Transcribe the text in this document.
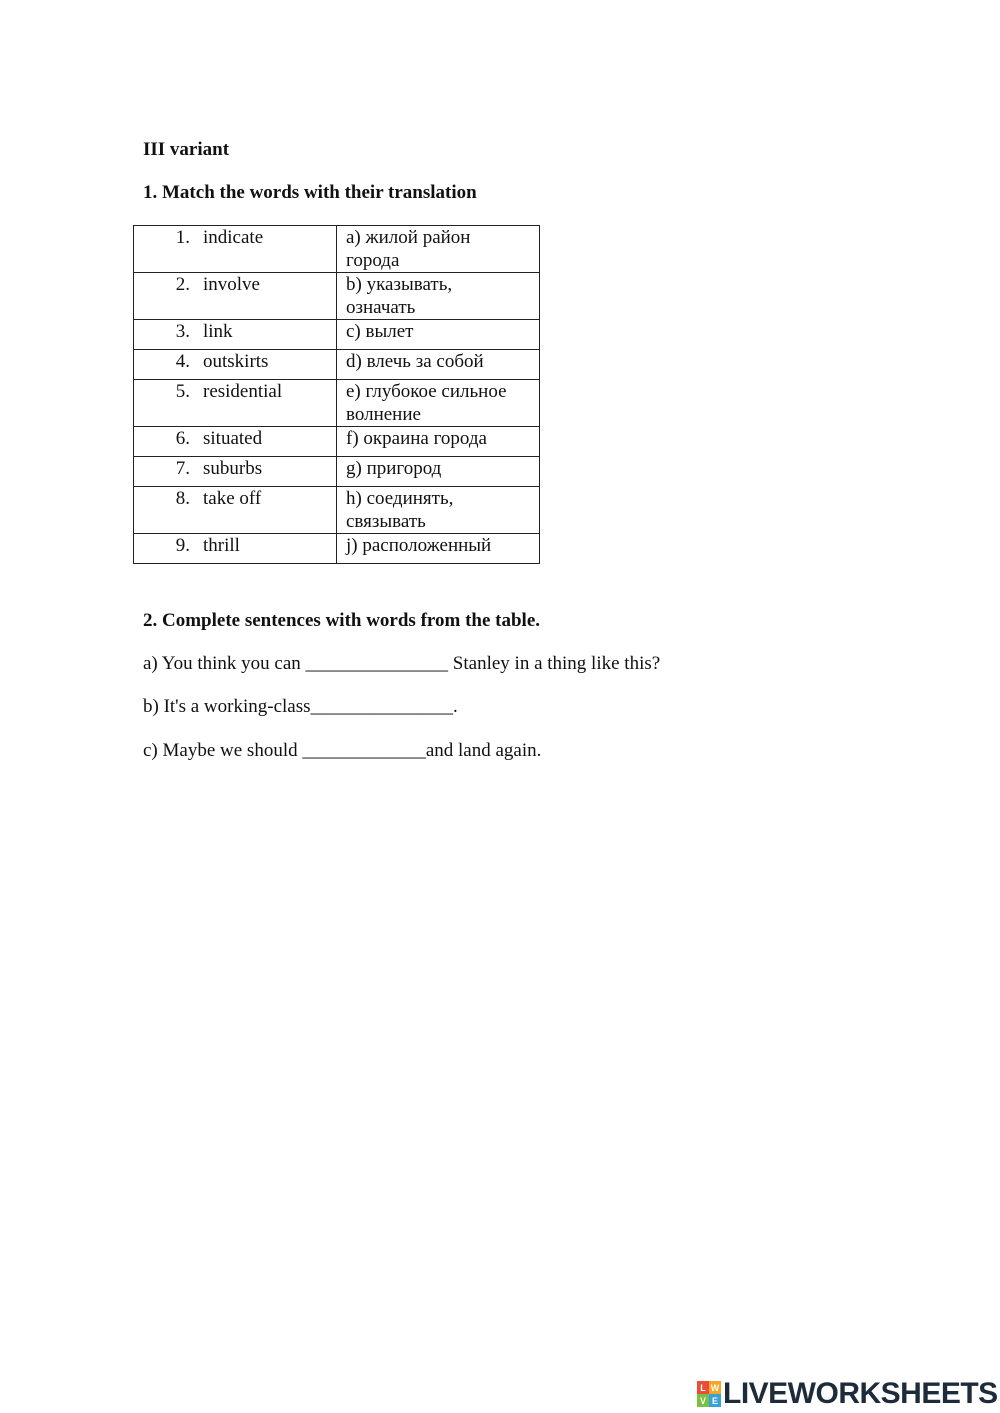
III variant
1. Match the words with their translation
1. indicate	a) жилой район
города

2. involve	b) указывать,
означать

3. link	c) вылет

4. outskirts	d) влечь за собой

5. residential	e) глубокое сильное
волнение

6. situated	f) окраина города

7. suburbs	g) пригород

8. take off	h) соединять,
связывать

9. thrill	j) расположенный
2. Complete sentences with words from the table.
a) You think you can _______________ Stanley in a thing like this?
b) It's a working-class_______________.
c) Maybe we should _____________and land again.
L W
V E LIVEWORKSHEETS
